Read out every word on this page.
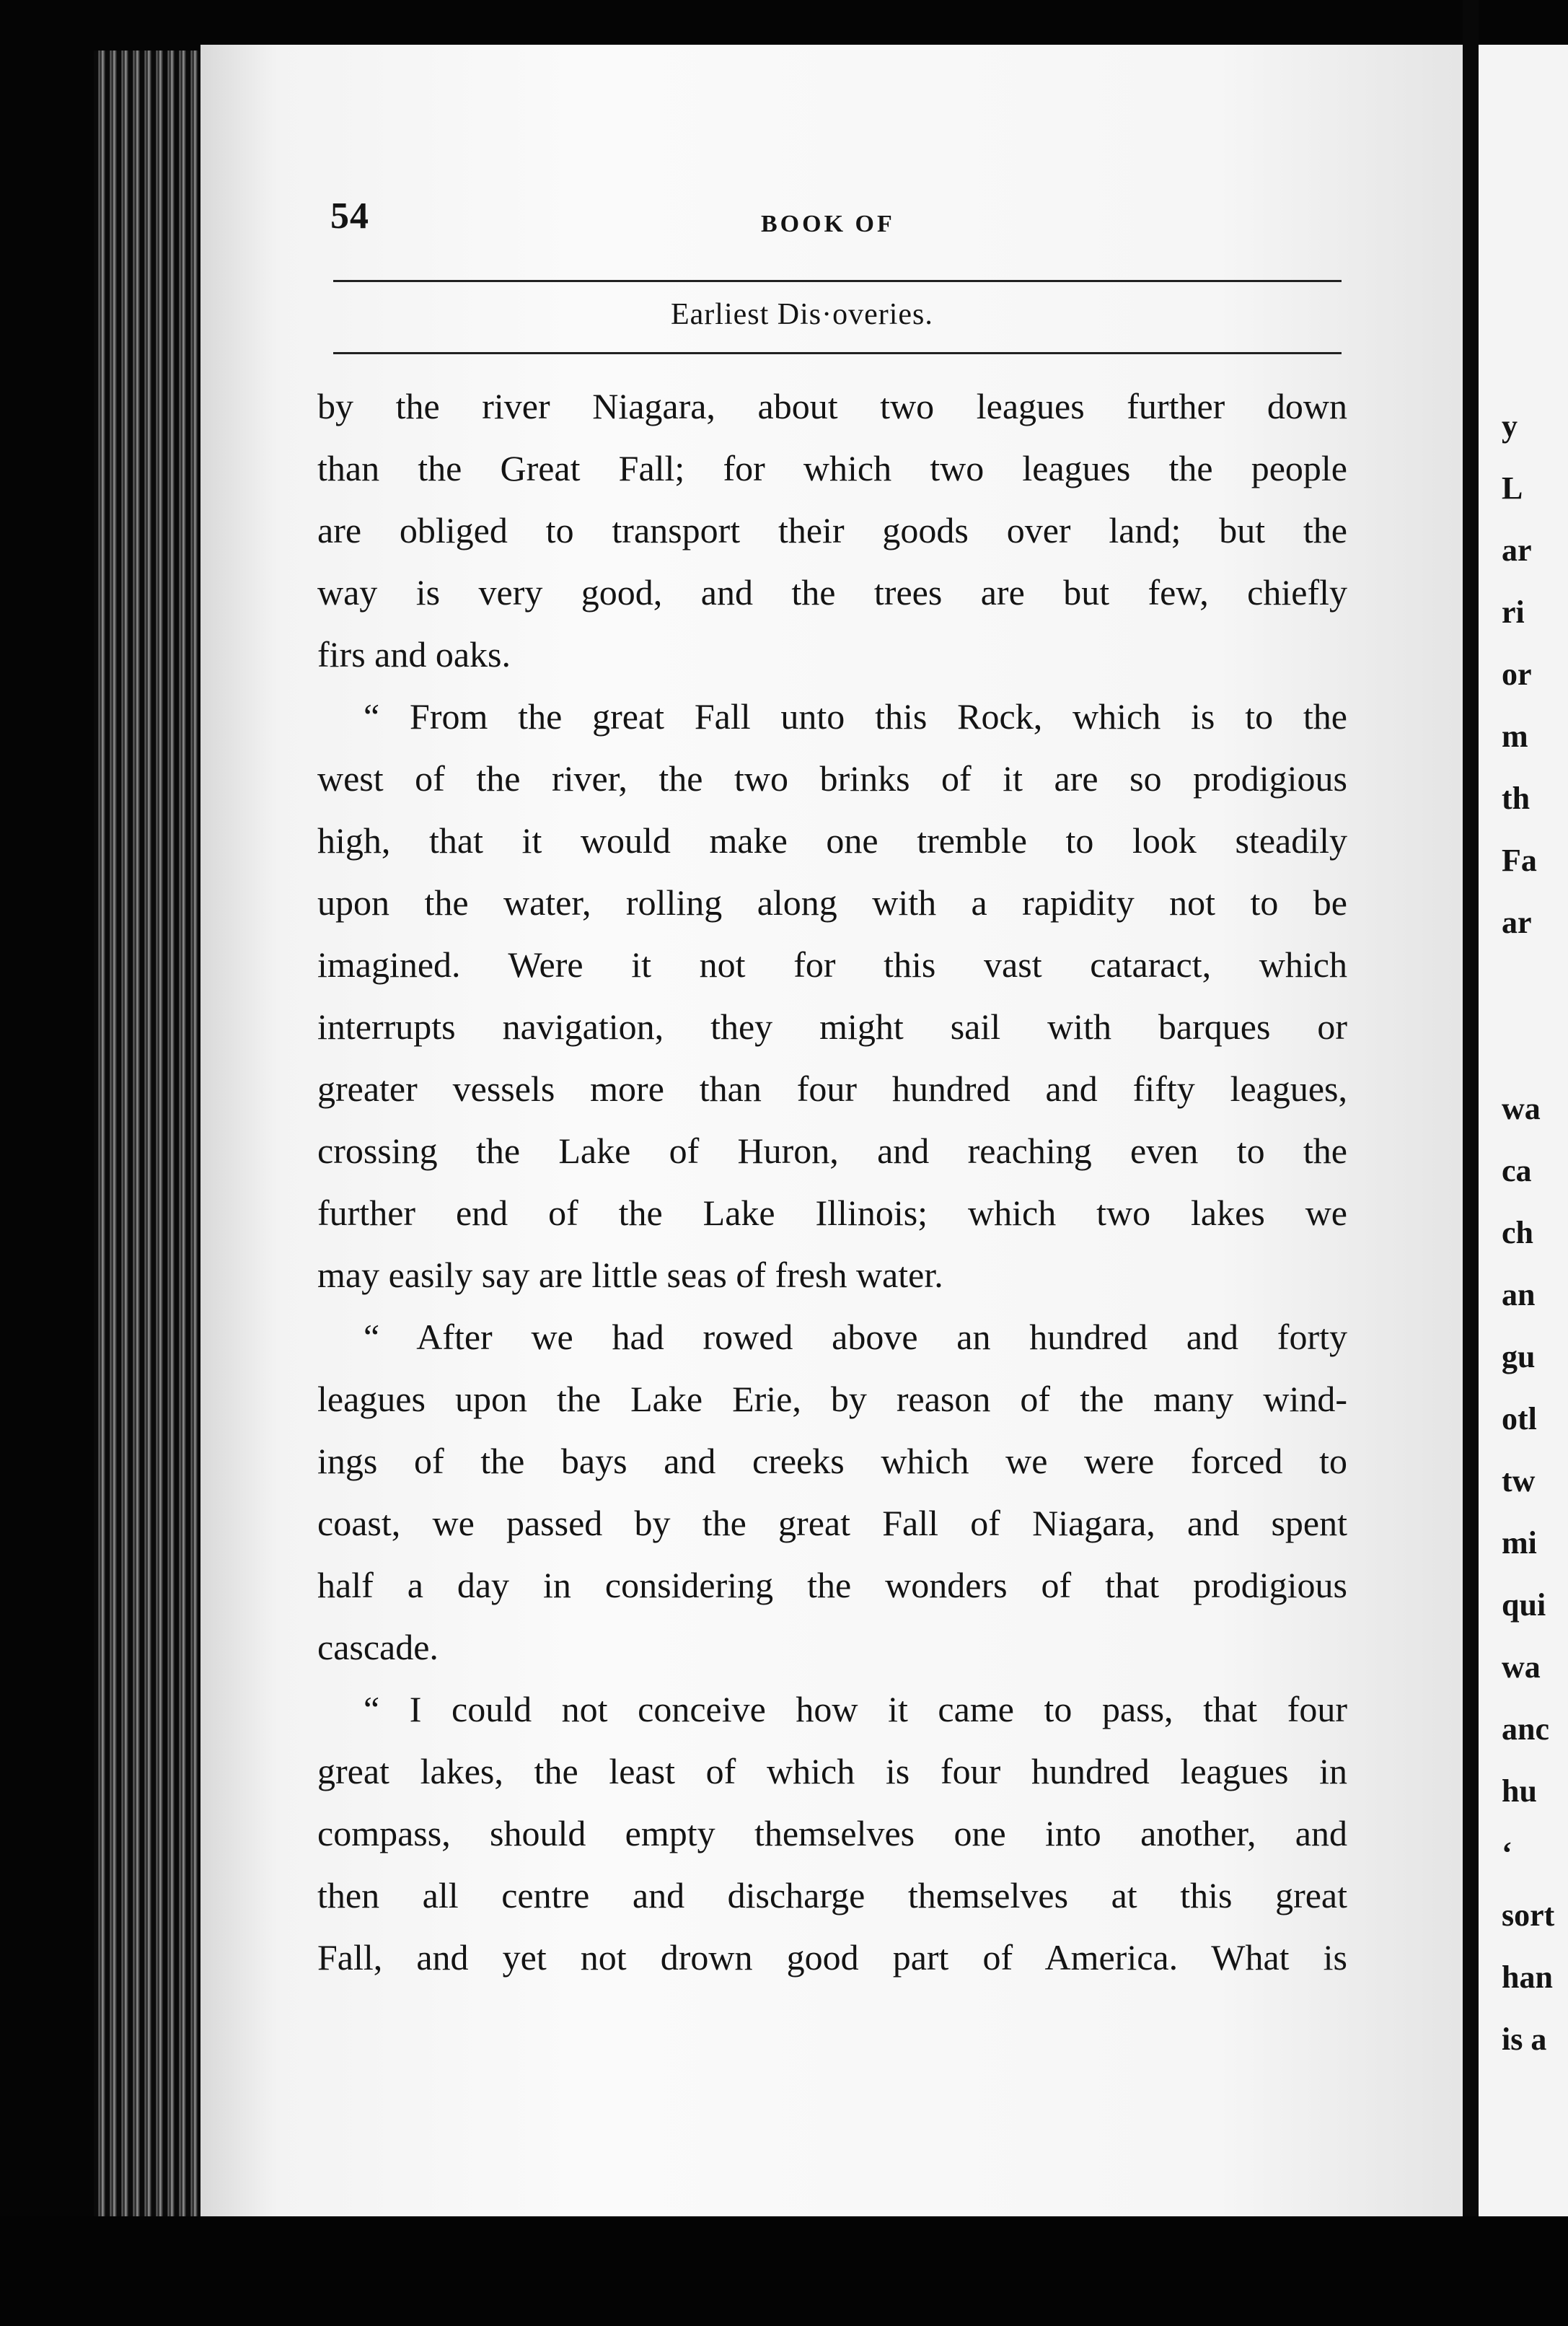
54	BOOK OF
Earliest Dis·overies.
by the river Niagara, about two leagues further down
than the Great Fall; for which two leagues the people
are obliged to transport their goods over land; but the
way is very good, and the trees are but few, chiefly
firs and oaks.
“ From the great Fall unto this Rock, which is to the
west of the river, the two brinks of it are so prodigious
high, that it would make one tremble to look steadily
upon the water, rolling along with a rapidity not to be
imagined. Were it not for this vast cataract, which
interrupts navigation, they might sail with barques or
greater vessels more than four hundred and fifty leagues,
crossing the Lake of Huron, and reaching even to the
further end of the Lake Illinois; which two lakes we
may easily say are little seas of fresh water.
“ After we had rowed above an hundred and forty
leagues upon the Lake Erie, by reason of the many wind-
ings of the bays and creeks which we were forced to
coast, we passed by the great Fall of Niagara, and spent
half a day in considering the wonders of that prodigious
cascade.
“ I could not conceive how it came to pass, that four
great lakes, the least of which is four hundred leagues in
compass, should empty themselves one into another, and
then all centre and discharge themselves at this great
Fall, and yet not drown good part of America. What is
y
L
ar
ri
or
m
th
Fa
ar
wa
ca
ch
an
gu
otl
tw
mi
qui
wa
anc
hu
‘
sort
han
is a
